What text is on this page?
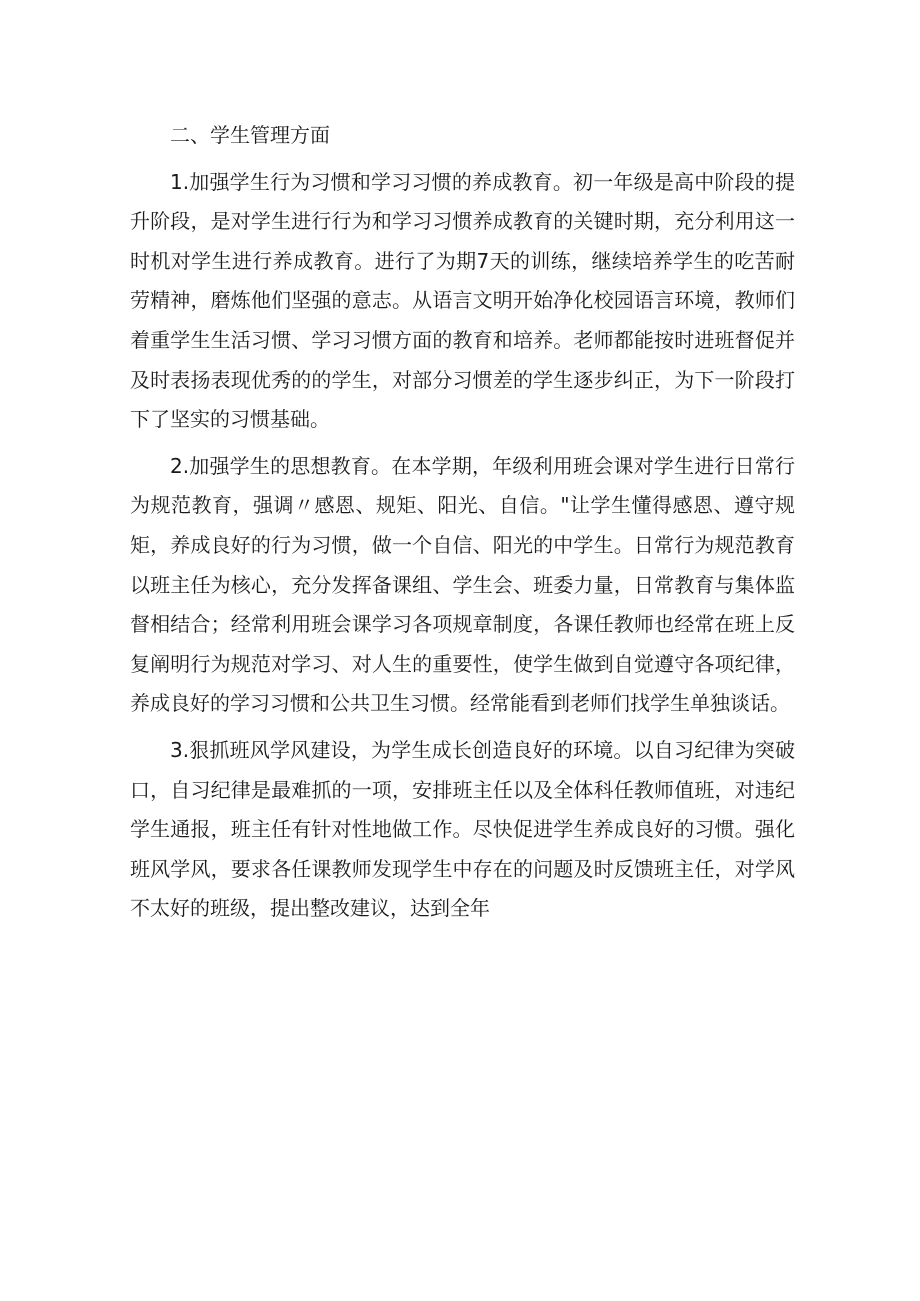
二、学生管理方面

1.加强学生行为习惯和学习习惯的养成教育。初一年级是高中阶段的提升阶段，是对学生进行行为和学习习惯养成教育的关键时期，充分利用这一时机对学生进行养成教育。进行了为期7天的训练，继续培养学生的吃苦耐劳精神，磨炼他们坚强的意志。从语言文明开始净化校园语言环境，教师们着重学生生活习惯、学习习惯方面的教育和培养。老师都能按时进班督促并及时表扬表现优秀的的学生，对部分习惯差的学生逐步纠正，为下一阶段打下了坚实的习惯基础。

2.加强学生的思想教育。在本学期，年级利用班会课对学生进行日常行为规范教育，强调〃感恩、规矩、阳光、自信。"让学生懂得感恩、遵守规矩，养成良好的行为习惯，做一个自信、阳光的中学生。日常行为规范教育以班主任为核心，充分发挥备课组、学生会、班委力量，日常教育与集体监督相结合；经常利用班会课学习各项规章制度，各课任教师也经常在班上反复阐明行为规范对学习、对人生的重要性，使学生做到自觉遵守各项纪律，养成良好的学习习惯和公共卫生习惯。经常能看到老师们找学生单独谈话。

3.狠抓班风学风建设，为学生成长创造良好的环境。以自习纪律为突破口，自习纪律是最难抓的一项，安排班主任以及全体科任教师值班，对违纪学生通报，班主任有针对性地做工作。尽快促进学生养成良好的习惯。强化班风学风，要求各任课教师发现学生中存在的问题及时反馈班主任，对学风不太好的班级，提出整改建议，达到全年
